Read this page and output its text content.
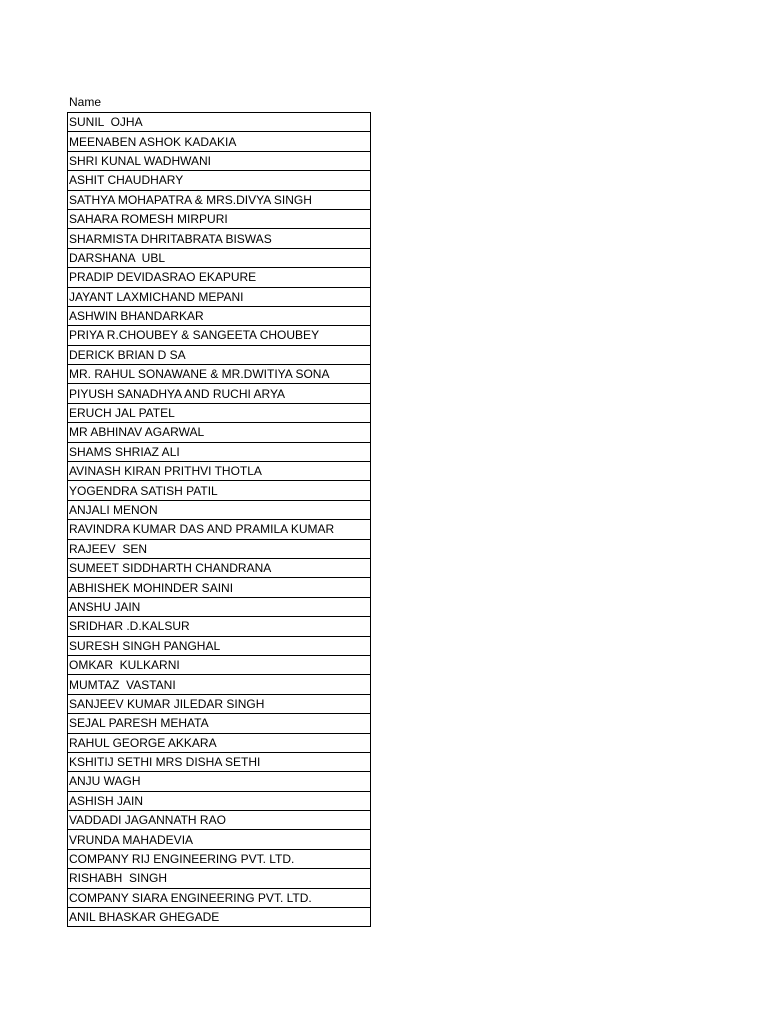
Name
SUNIL  OJHA
MEENABEN ASHOK KADAKIA
SHRI KUNAL WADHWANI
ASHIT CHAUDHARY
SATHYA MOHAPATRA & MRS.DIVYA SINGH
SAHARA ROMESH MIRPURI
SHARMISTA DHRITABRATA BISWAS
DARSHANA  UBL
PRADIP DEVIDASRAO EKAPURE
JAYANT LAXMICHAND MEPANI
ASHWIN BHANDARKAR
PRIYA R.CHOUBEY & SANGEETA CHOUBEY
DERICK BRIAN D SA
MR. RAHUL SONAWANE & MR.DWITIYA SONA
PIYUSH SANADHYA AND RUCHI ARYA
ERUCH JAL PATEL
MR ABHINAV AGARWAL
SHAMS SHRIAZ ALI
AVINASH KIRAN PRITHVI THOTLA
YOGENDRA SATISH PATIL
ANJALI MENON
RAVINDRA KUMAR DAS AND PRAMILA KUMAR
RAJEEV  SEN
SUMEET SIDDHARTH CHANDRANA
ABHISHEK MOHINDER SAINI
ANSHU JAIN
SRIDHAR .D.KALSUR
SURESH SINGH PANGHAL
OMKAR  KULKARNI
MUMTAZ  VASTANI
SANJEEV KUMAR JILEDAR SINGH
SEJAL PARESH MEHATA
RAHUL GEORGE AKKARA
KSHITIJ SETHI MRS DISHA SETHI
ANJU WAGH
ASHISH JAIN
VADDADI JAGANNATH RAO
VRUNDA MAHADEVIA
COMPANY RIJ ENGINEERING PVT. LTD.
RISHABH  SINGH
COMPANY SIARA ENGINEERING PVT. LTD.
ANIL BHASKAR GHEGADE
